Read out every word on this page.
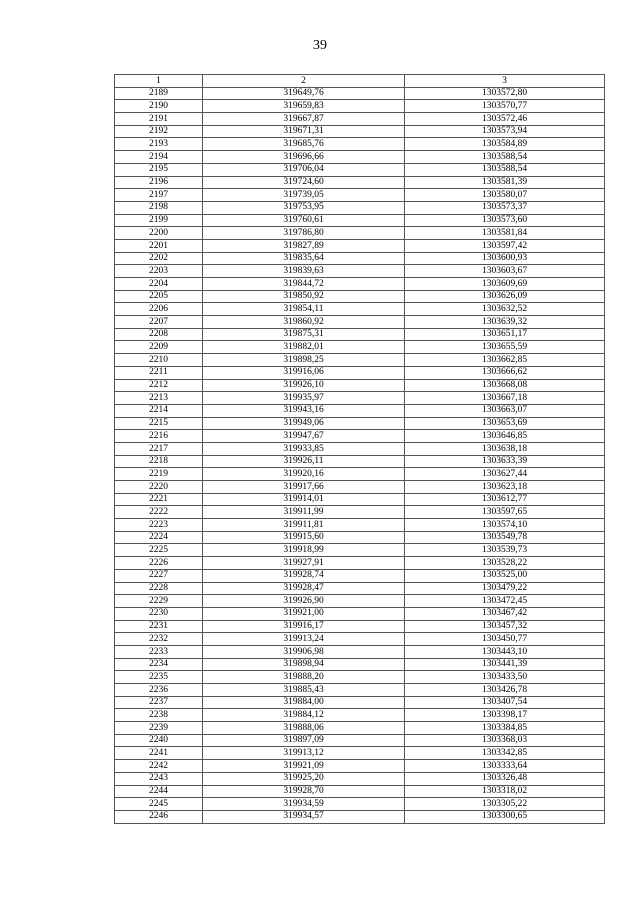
39
1	2	3
2189	319649,76	1303572,80
2190	319659,83	1303570,77
2191	319667,87	1303572,46
2192	319671,31	1303573,94
2193	319685,76	1303584,89
2194	319696,66	1303588,54
2195	319706,04	1303588,54
2196	319724,60	1303581,39
2197	319739,05	1303580,07
2198	319753,95	1303573,37
2199	319760,61	1303573,60
2200	319786,80	1303581,84
2201	319827,89	1303597,42
2202	319835,64	1303600,93
2203	319839,63	1303603,67
2204	319844,72	1303609,69
2205	319850,92	1303626,09
2206	319854,11	1303632,52
2207	319860,92	1303639,32
2208	319875,31	1303651,17
2209	319882,01	1303655,59
2210	319898,25	1303662,85
2211	319916,06	1303666,62
2212	319926,10	1303668,08
2213	319935,97	1303667,18
2214	319943,16	1303663,07
2215	319949,06	1303653,69
2216	319947,67	1303646,85
2217	319933,85	1303638,18
2218	319926,11	1303633,39
2219	319920,16	1303627,44
2220	319917,66	1303623,18
2221	319914,01	1303612,77
2222	319911,99	1303597,65
2223	319911,81	1303574,10
2224	319915,60	1303549,78
2225	319918,99	1303539,73
2226	319927,91	1303528,22
2227	319928,74	1303525,00
2228	319928,47	1303479,22
2229	319926,90	1303472,45
2230	319921,00	1303467,42
2231	319916,17	1303457,32
2232	319913,24	1303450,77
2233	319906,98	1303443,10
2234	319898,94	1303441,39
2235	319888,20	1303433,50
2236	319885,43	1303426,78
2237	319884,00	1303407,54
2238	319884,12	1303398,17
2239	319888,06	1303384,85
2240	319897,09	1303368,03
2241	319913,12	1303342,85
2242	319921,09	1303333,64
2243	319925,20	1303326,48
2244	319928,70	1303318,02
2245	319934,59	1303305,22
2246	319934,57	1303300,65
